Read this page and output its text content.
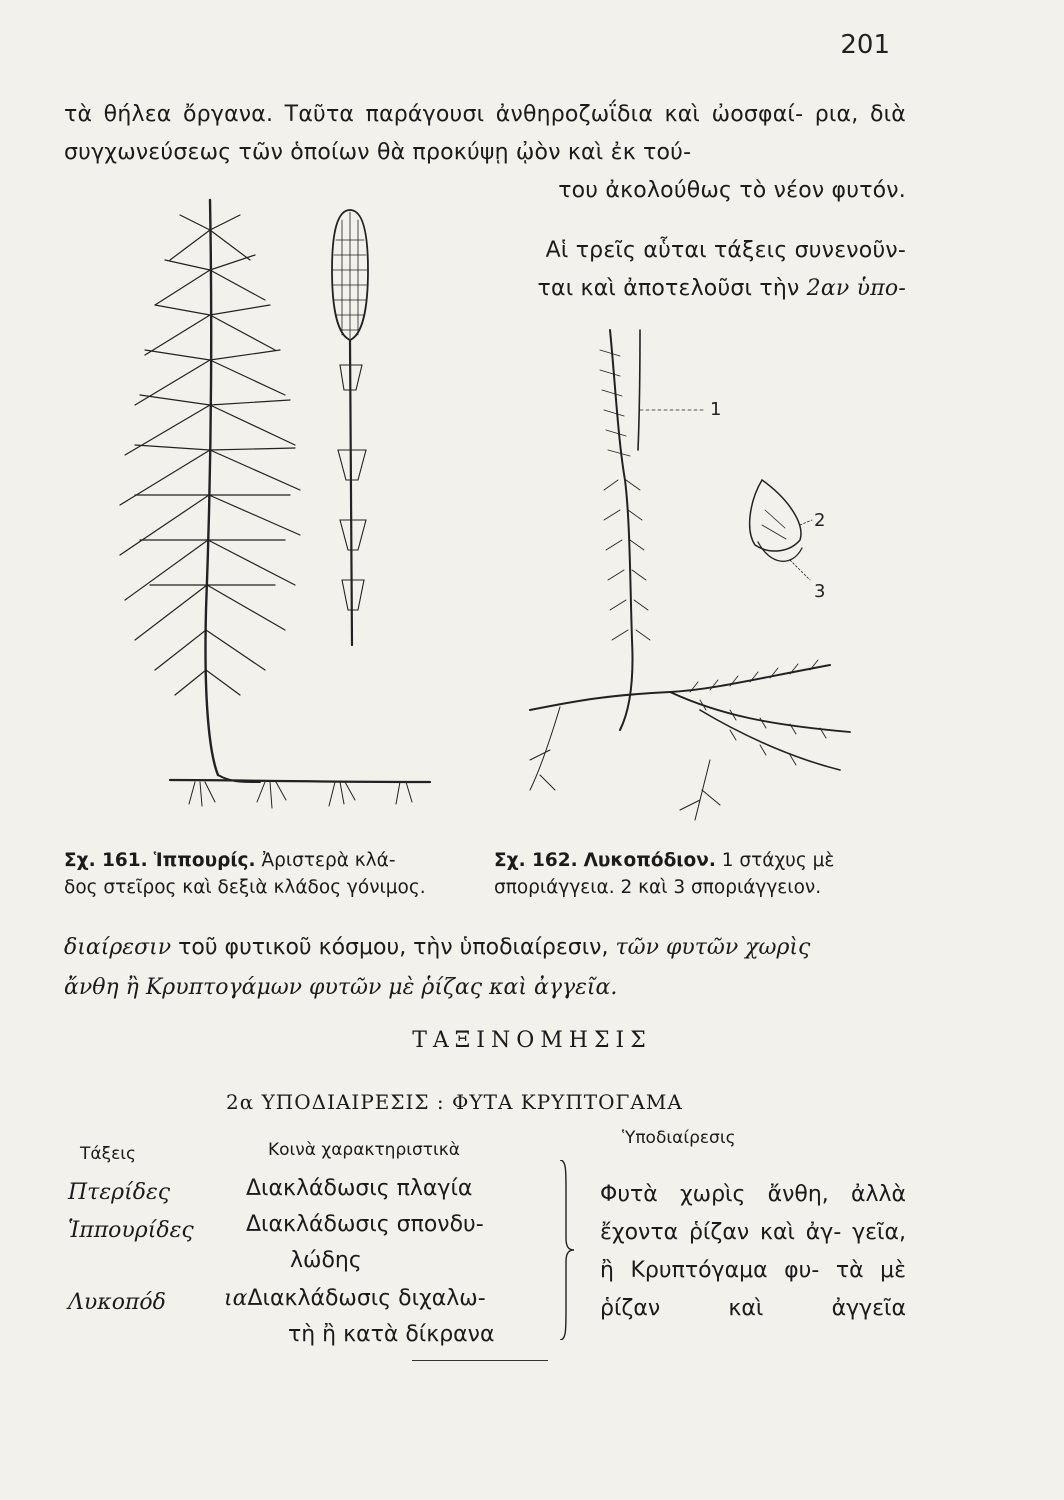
201
τὰ θήλεα ὄργανα. Ταῦτα παράγουσι ἀνθηροζωΐδια καὶ ὠοσφαί- ρια, διὰ συγχωνεύσεως τῶν ὁποίων θὰ προκύψῃ ᾠὸν καὶ ἐκ τού-
του ἀκολούθως τὸ νέον φυτόν.
Αἱ τρεῖς αὗται τάξεις συνενοῦν-
ται καὶ ἀποτελοῦσι τὴν 2αν ὑπο-
1
2
3
Σχ. 161. Ἱππουρίς. Ἀριστερὰ κλά-
δος στεῖρος καὶ δεξιὰ κλάδος γόνιμος.
Σχ. 162. Λυκοπόδιον. 1 στάχυς μὲ
σποριάγγεια. 2 καὶ 3 σποριάγγειον.
διαίρεσιν τοῦ φυτικοῦ κόσμου, τὴν ὑποδιαίρεσιν, τῶν φυτῶν χωρὶς
ἄνθη ἢ Κρυπτογάμων φυτῶν μὲ ῥίζας καὶ ἀγγεῖα.
ΤΑΞΙΝΟΜΗΣΙΣ
2α ΥΠΟΔΙΑΙΡΕΣΙΣ : ΦΥΤΑ ΚΡΥΠΤΟΓΑΜΑ
Τάξεις	Κοινὰ χαρακτηριστικὰ
Ὑποδιαίρεσις
Πτερίδες	Διακλάδωσις πλαγία
Ἱππουρίδες Διακλάδωσις σπονδυ-
λώδης
Λυκοπόδ	ιαΔιακλάδωσις διχαλω-
τὴ ἢ κατὰ δίκρανα
Φυτὰ χωρὶς ἄνθη, ἀλλὰ ἔχοντα ῥίζαν καὶ ἀγ- γεῖα, ἢ Κρυπτόγαμα φυ- τὰ μὲ ῥίζαν καὶ ἀγγεῖα
